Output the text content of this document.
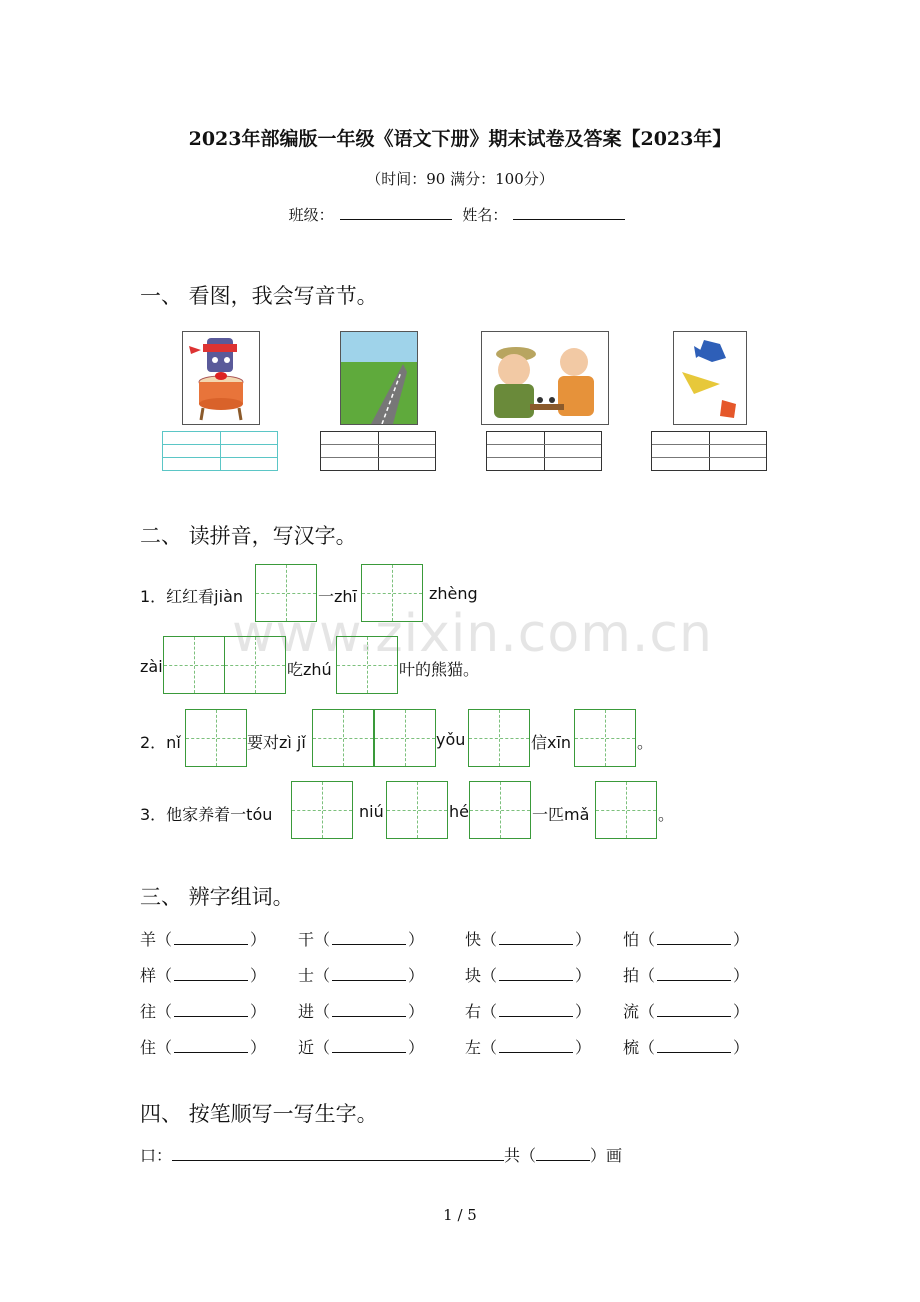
2023年部编版一年级《语文下册》期末试卷及答案【2023年】
（时间：90 满分：100分）
班级：	姓名：
一、 看图，我会写音节。
二、 读拼音，写汉字。
www.zixin.com.cn
1．红红看jiàn	一zhī	zhèng
zài	吃zhú	叶的熊猫。
2．nǐ	要对zì jǐ	yǒu	信xīn	。
3．他家养着一tóu	niú	hé	一匹mǎ	。
三、 辨字组词。
羊（	） 干（	）	快（	） 怕（	）
样（	） 士（	）	块（	） 拍（	）
往（	） 进（	）	右（	） 流（	）
住（	） 近（	）	左（	） 梳（	）
四、 按笔顺写一写生字。
口：	共（	）画
1 / 5
